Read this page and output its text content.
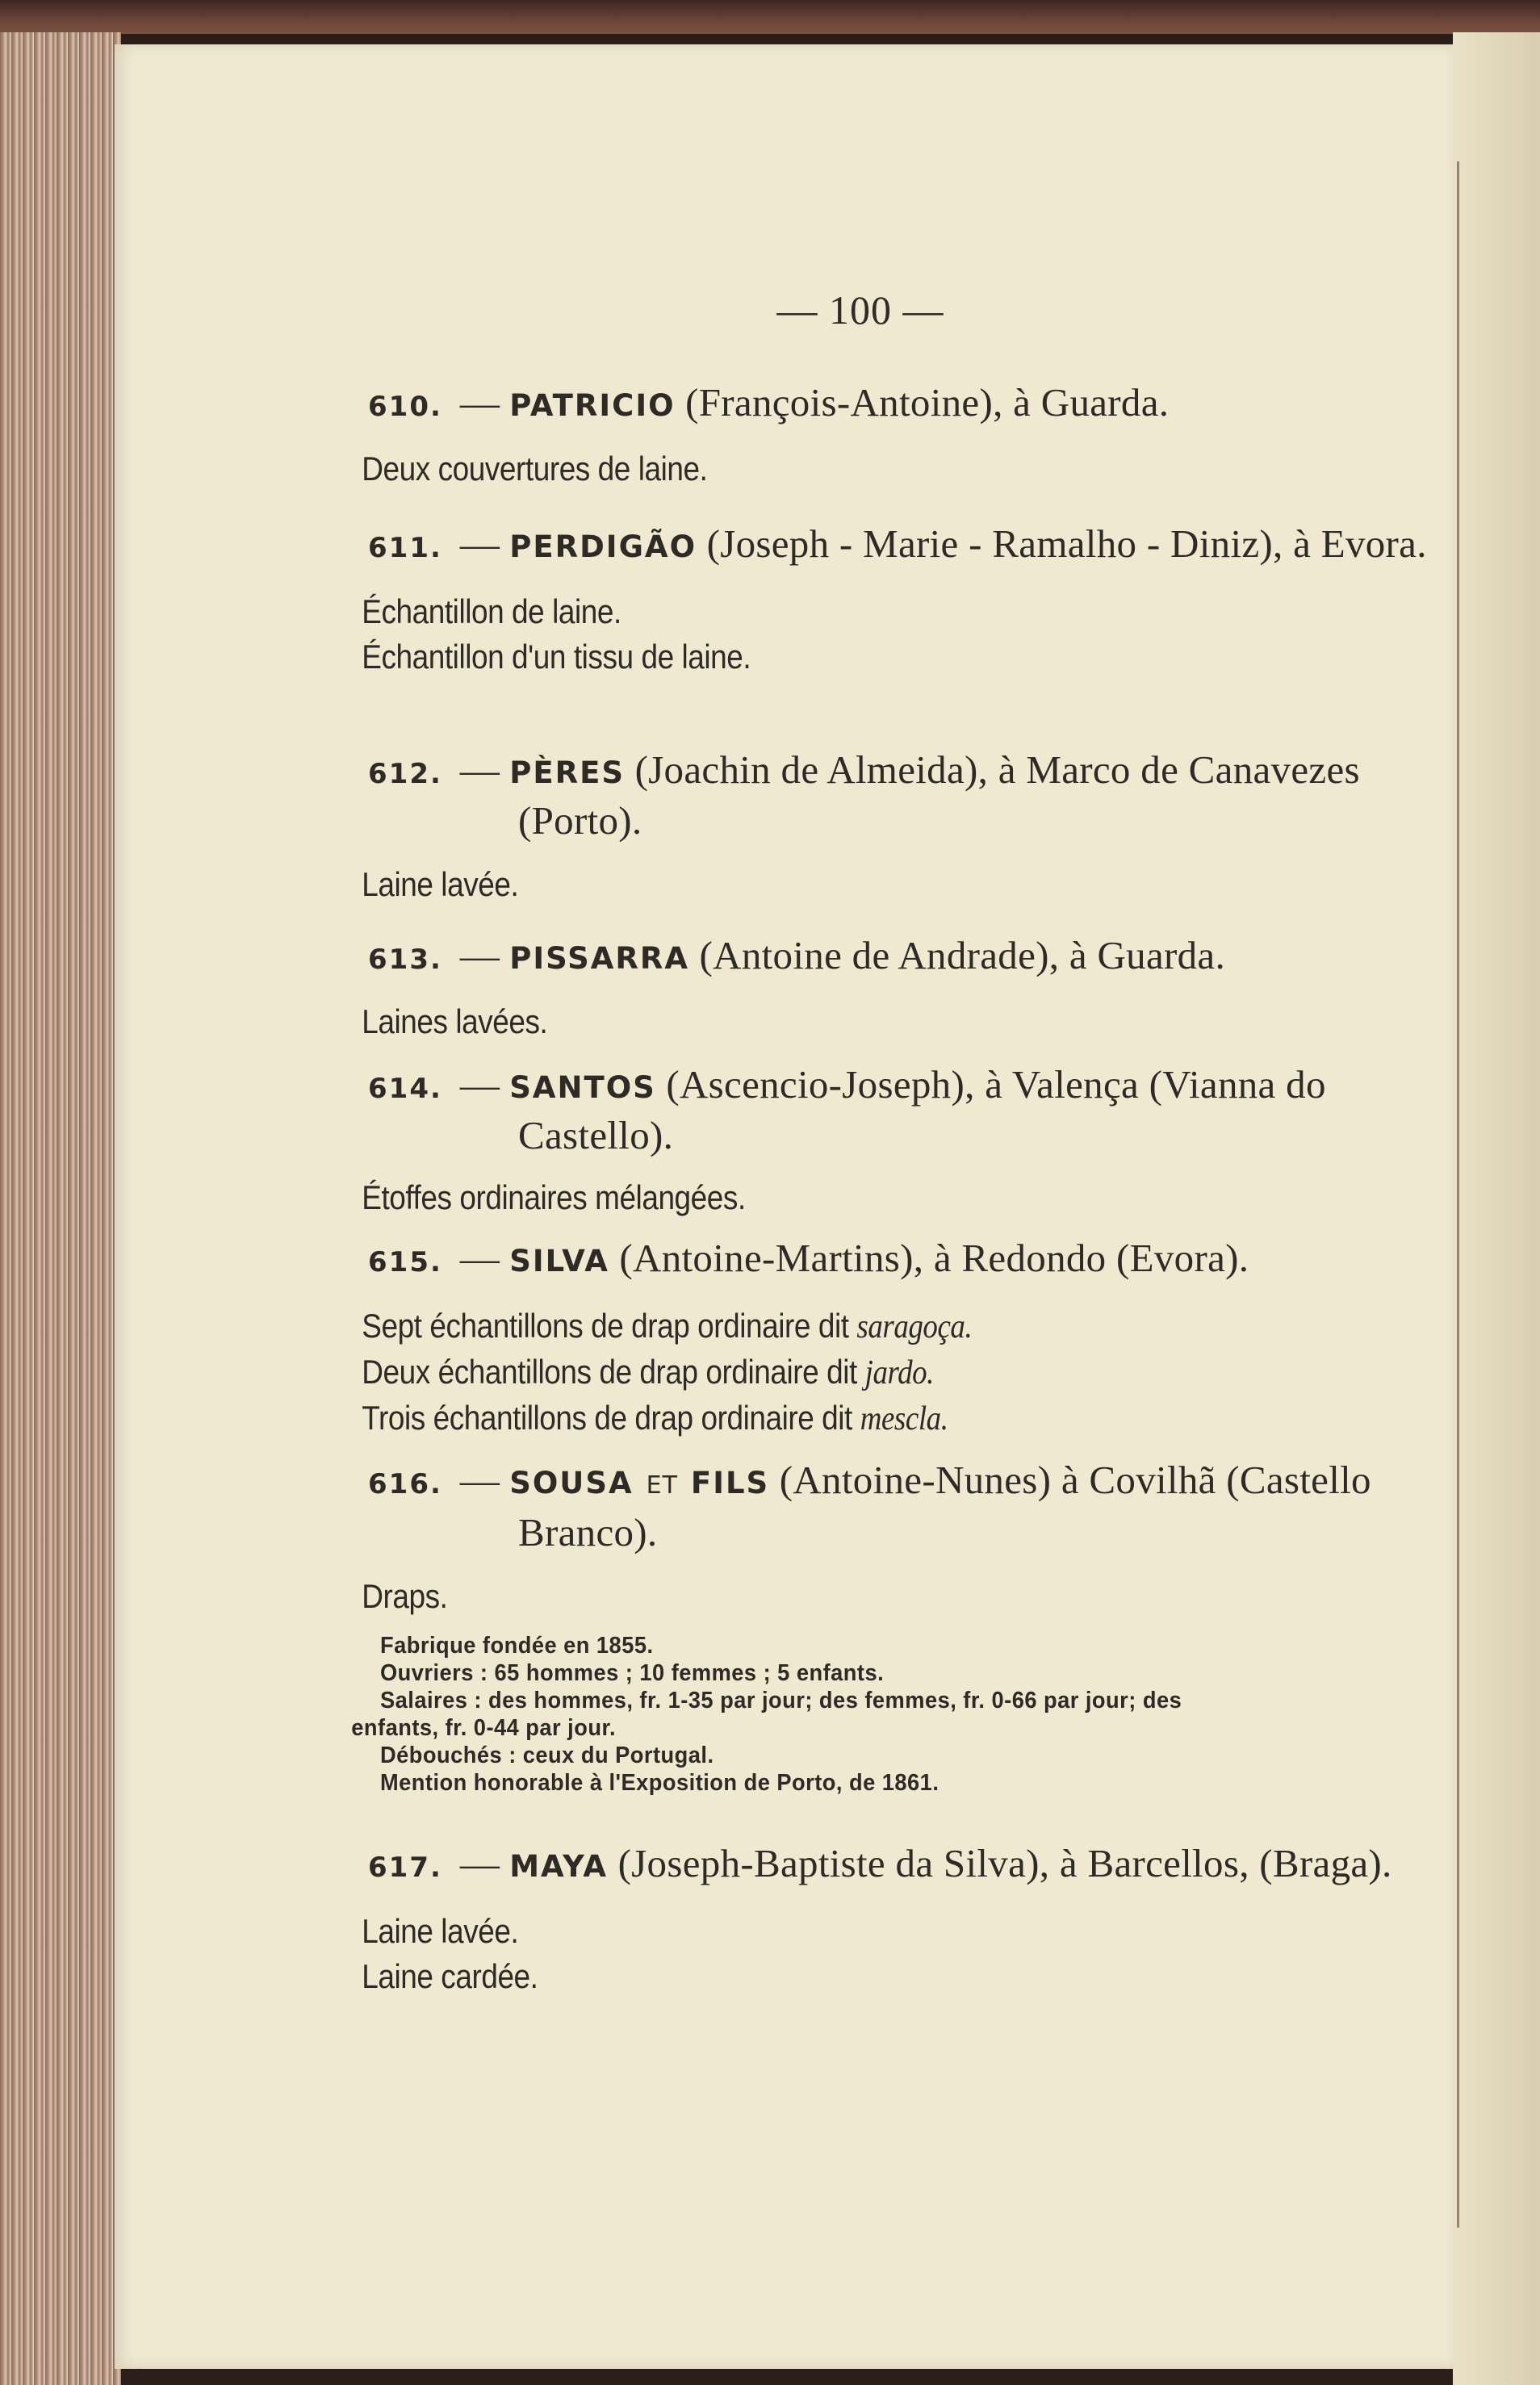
— 100 —
610. — PATRICIO (François-Antoine), à Guarda.
Deux couvertures de laine.
611. — PERDIGÃO (Joseph - Marie - Ramalho - Diniz), à Evora.
Échantillon de laine.
Échantillon d'un tissu de laine.
612. — PÈRES (Joachin de Almeida), à Marco de Canavezes (Porto).
Laine lavée.
613. — PISSARRA (Antoine de Andrade), à Guarda.
Laines lavées.
614. — SANTOS (Ascencio-Joseph), à Valença (Vianna do Castello).
Étoffes ordinaires mélangées.
615. — SILVA (Antoine-Martins), à Redondo (Evora).
Sept échantillons de drap ordinaire dit saragoça.
Deux échantillons de drap ordinaire dit jardo.
Trois échantillons de drap ordinaire dit mescla.
616. — SOUSA ET FILS (Antoine-Nunes) à Covilhã (Castello Branco).
Draps.
Fabrique fondée en 1855.
Ouvriers : 65 hommes ; 10 femmes ; 5 enfants.
Salaires : des hommes, fr. 1-35 par jour; des femmes, fr. 0-66 par jour; des
enfants, fr. 0-44 par jour.
Débouchés : ceux du Portugal.
Mention honorable à l'Exposition de Porto, de 1861.
617. — MAYA (Joseph-Baptiste da Silva), à Barcellos, (Braga).
Laine lavée.
Laine cardée.
